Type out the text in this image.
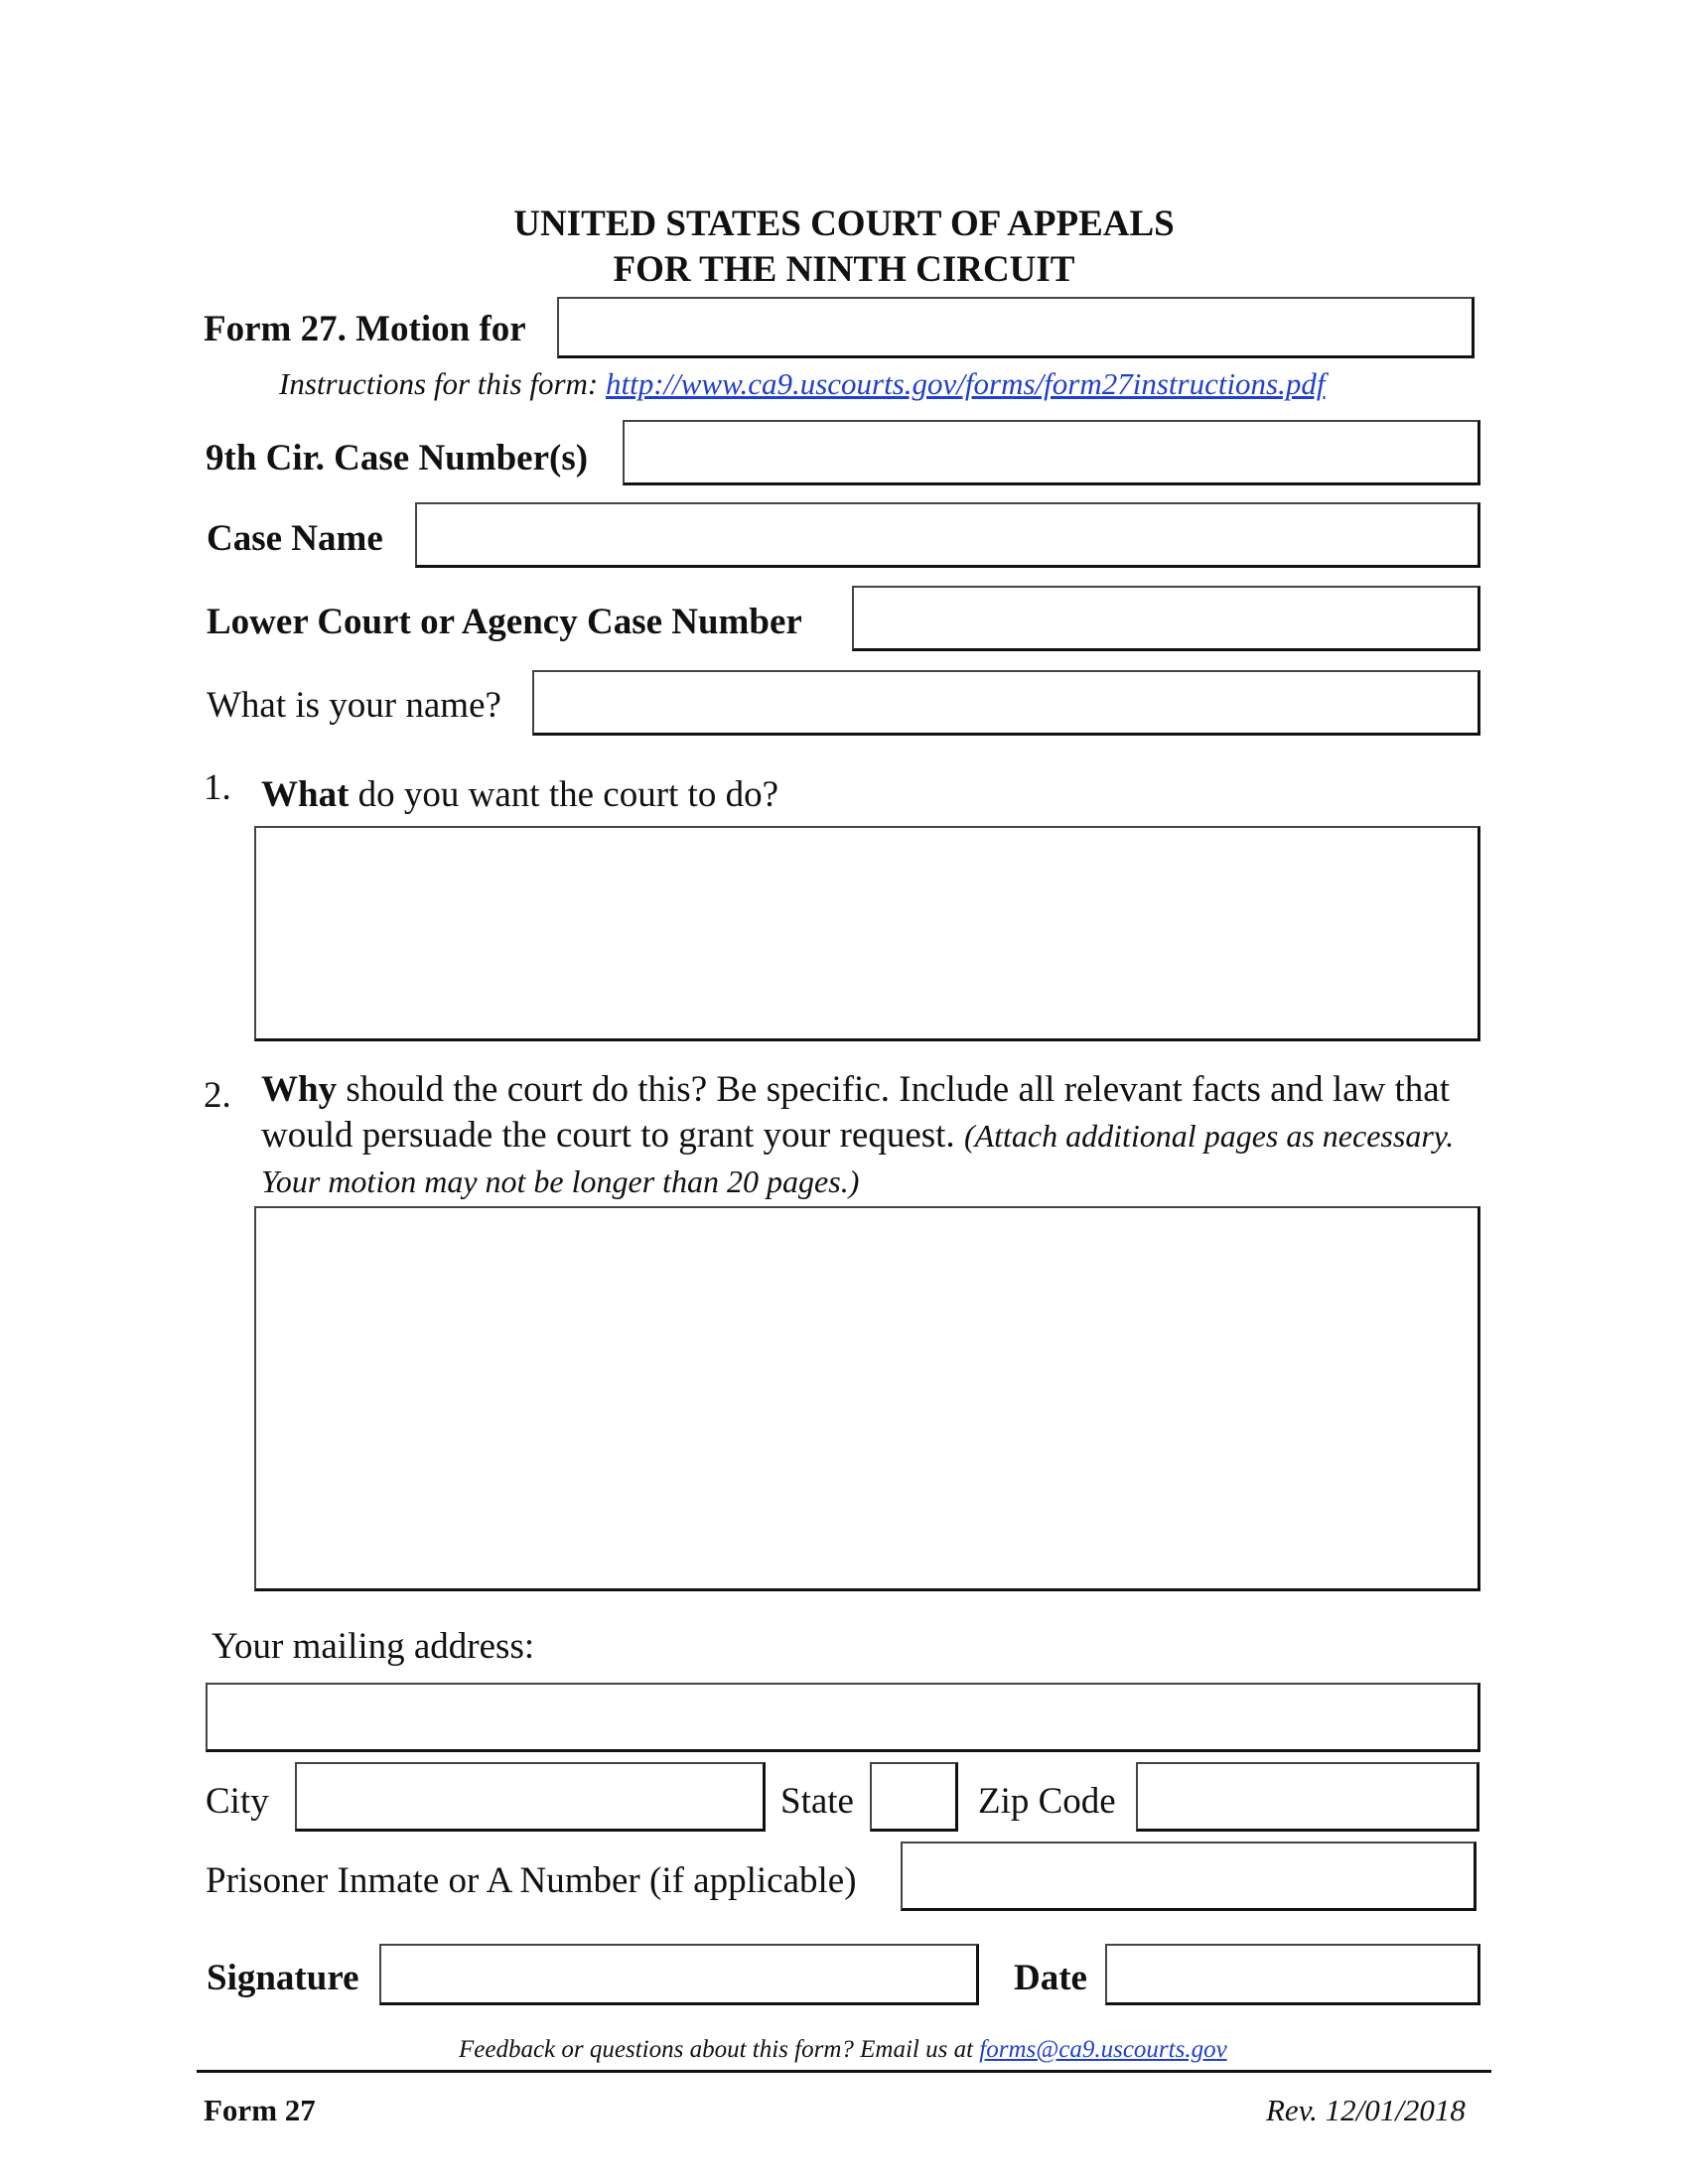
UNITED STATES COURT OF APPEALS
FOR THE NINTH CIRCUIT
Form 27. Motion for
Instructions for this form: http://www.ca9.uscourts.gov/forms/form27instructions.pdf
9th Cir. Case Number(s)
Case Name
Lower Court or Agency Case Number
What is your name?
1. What do you want the court to do?
2. Why should the court do this? Be specific. Include all relevant facts and law that would persuade the court to grant your request. (Attach additional pages as necessary. Your motion may not be longer than 20 pages.)
Your mailing address:
City	State	Zip Code
Prisoner Inmate or A Number (if applicable)
Signature	Date
Feedback or questions about this form? Email us at forms@ca9.uscourts.gov
Form 27	Rev. 12/01/2018
